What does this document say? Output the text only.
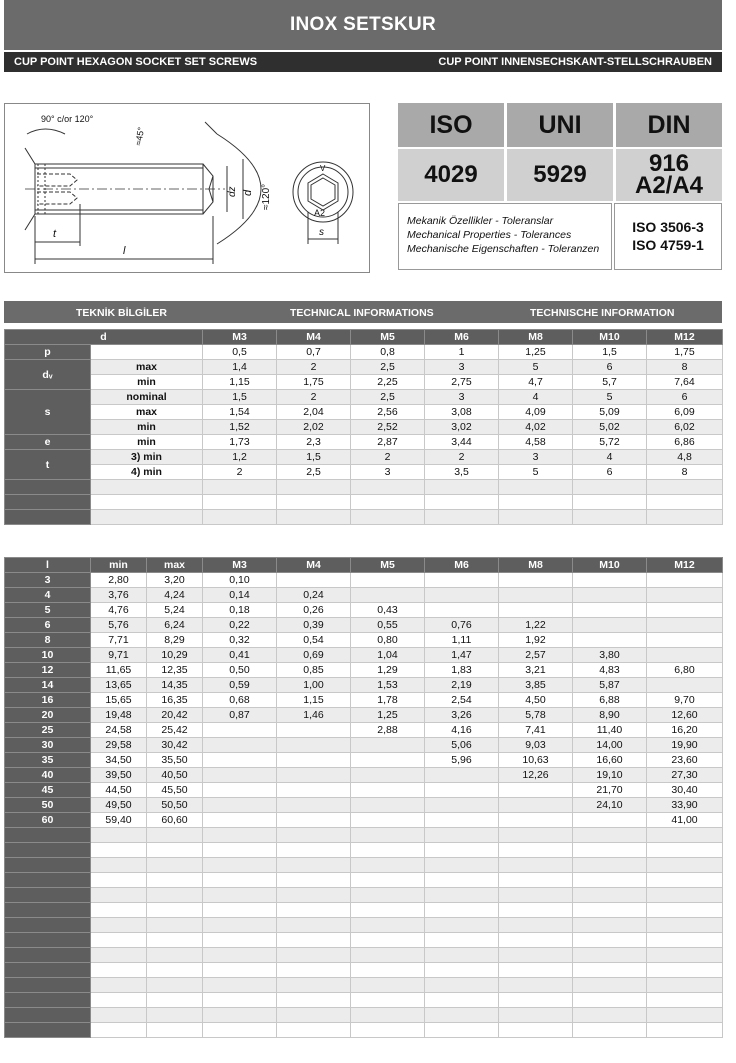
INOX SETSKUR
CUP POINT HEXAGON SOCKET SET SCREWS	CUP POINT INNENSECHSKANT-STELLSCHRAUBEN
90° c/or 120°
≈45°
≈120°
dz d
t
l
s
A2
V
ISO	UNI	DIN
4029	5929	916
A2/A4
Mekanik Özellikler - Toleranslar
Mechanical Properties - Tolerances
Mechanische Eigenschaften - Toleranzen
ISO 3506-3
ISO 4759-1
TEKNİK BİLGİLER	TECHNICAL INFORMATIONS	TECHNISCHE INFORMATION
d		M3	M4	M5	M6	M8	M10	M12
p		0,5	0,7	0,8	1	1,25	1,5	1,75
dᵥ	max	1,4	2	2,5	3	5	6	8
	min	1,15	1,75	2,25	2,75	4,7	5,7	7,64
s	nominal	1,5	2	2,5	3	4	5	6
	max	1,54	2,04	2,56	3,08	4,09	5,09	6,09
	min	1,52	2,02	2,52	3,02	4,02	5,02	6,02
e	min	1,73	2,3	2,87	3,44	4,58	5,72	6,86
t	3) min	1,2	1,5	2	2	3	4	4,8
	4) min	2	2,5	3	3,5	5	6	8

l	min	max	M3	M4	M5	M6	M8	M10	M12
3	2,80	3,20	0,10						
4	3,76	4,24	0,14	0,24					
5	4,76	5,24	0,18	0,26	0,43				
6	5,76	6,24	0,22	0,39	0,55	0,76	1,22		
8	7,71	8,29	0,32	0,54	0,80	1,11	1,92		
10	9,71	10,29	0,41	0,69	1,04	1,47	2,57	3,80	
12	11,65	12,35	0,50	0,85	1,29	1,83	3,21	4,83	6,80
14	13,65	14,35	0,59	1,00	1,53	2,19	3,85	5,87	
16	15,65	16,35	0,68	1,15	1,78	2,54	4,50	6,88	9,70
20	19,48	20,42	0,87	1,46	1,25	3,26	5,78	8,90	12,60
25	24,58	25,42			2,88	4,16	7,41	11,40	16,20
30	29,58	30,42				5,06	9,03	14,00	19,90
35	34,50	35,50				5,96	10,63	16,60	23,60
40	39,50	40,50					12,26	19,10	27,30
45	44,50	45,50						21,70	30,40
50	49,50	50,50						24,10	33,90
60	59,40	60,60							41,00
